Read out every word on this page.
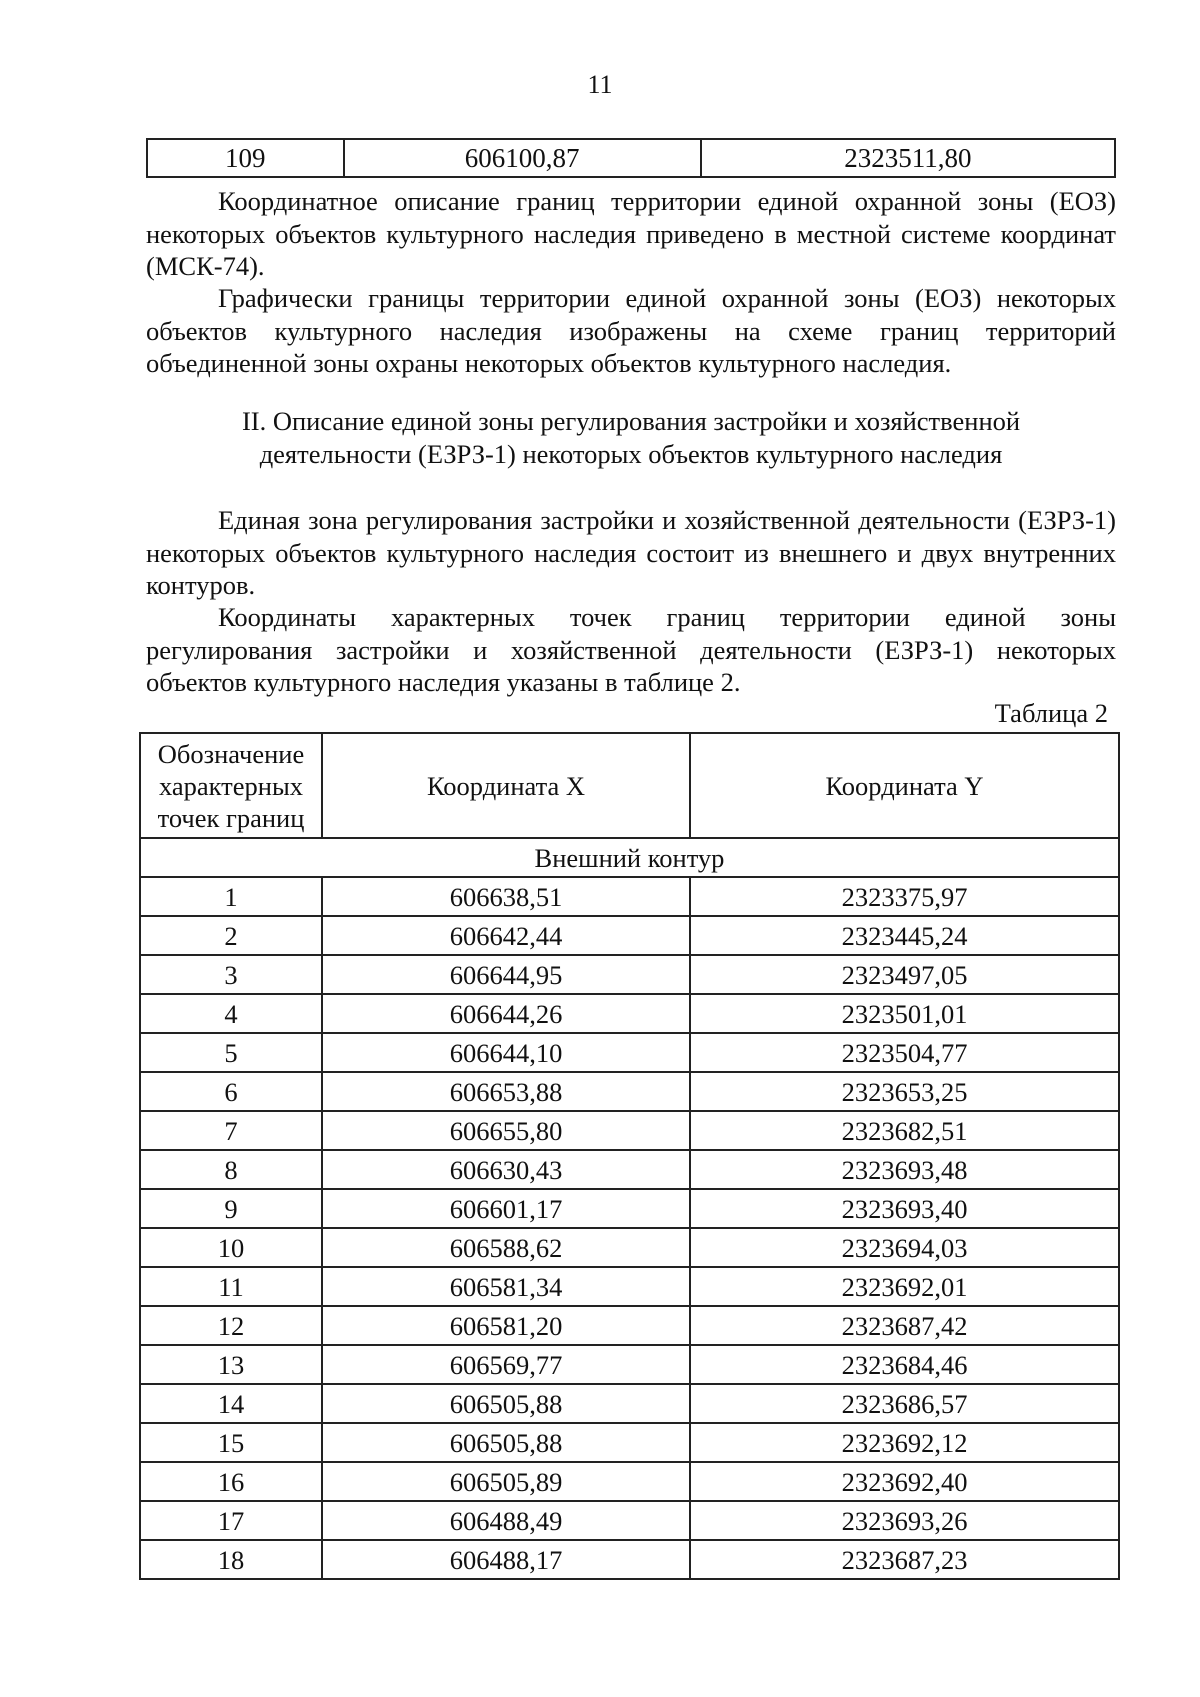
11
109	606100,87	2323511,80

Координатное описание границ территории единой охранной зоны (ЕОЗ) некоторых объектов культурного наследия приведено в местной системе координат (МСК-74).

Графически границы территории единой охранной зоны (ЕОЗ) некоторых объектов культурного наследия изображены на схеме границ территорий объединенной зоны охраны некоторых объектов культурного наследия.

II. Описание единой зоны регулирования застройки и хозяйственной
деятельности (ЕЗРЗ-1) некоторых объектов культурного наследия

Единая зона регулирования застройки и хозяйственной деятельности (ЕЗРЗ-1) некоторых объектов культурного наследия состоит из внешнего и двух внутренних контуров.

Координаты характерных точек границ территории единой зоны регулирования застройки и хозяйственной деятельности (ЕЗРЗ-1) некоторых объектов культурного наследия указаны в таблице 2.

Таблица 2
Обозначение характерных точек границ	Координата X	Координата Y
Внешний контур		
1	606638,51	2323375,97
2	606642,44	2323445,24
3	606644,95	2323497,05
4	606644,26	2323501,01
5	606644,10	2323504,77
6	606653,88	2323653,25
7	606655,80	2323682,51
8	606630,43	2323693,48
9	606601,17	2323693,40
10	606588,62	2323694,03
11	606581,34	2323692,01
12	606581,20	2323687,42
13	606569,77	2323684,46
14	606505,88	2323686,57
15	606505,88	2323692,12
16	606505,89	2323692,40
17	606488,49	2323693,26
18	606488,17	2323687,23
